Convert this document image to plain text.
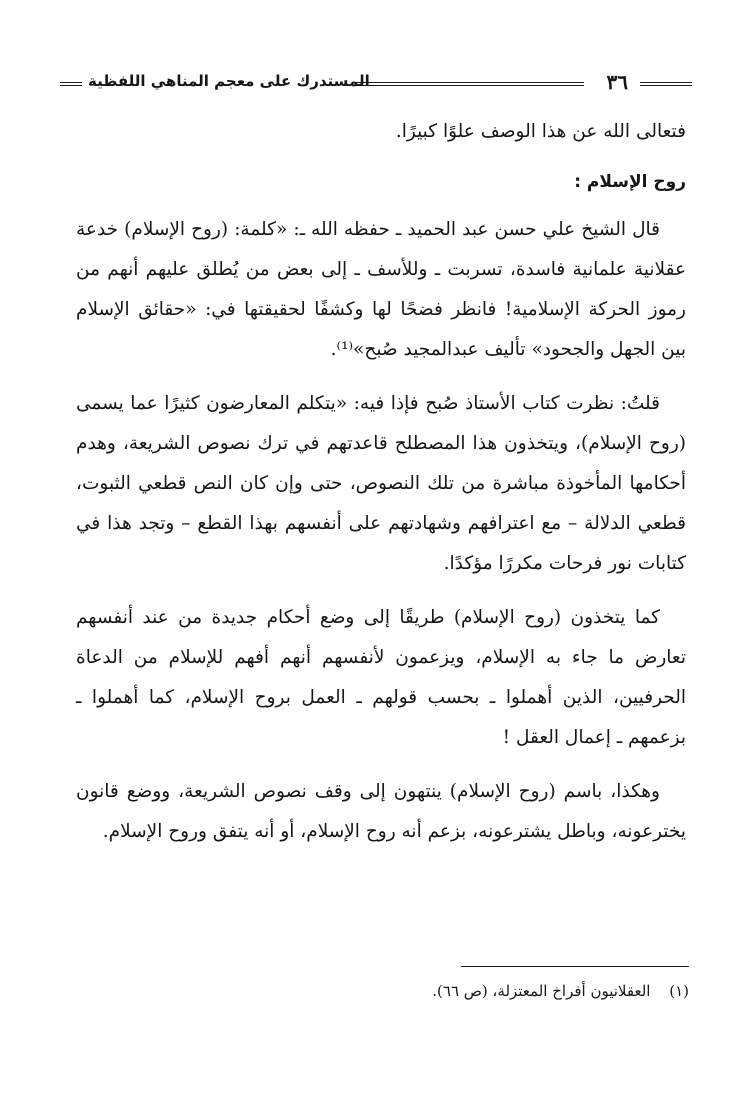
٣٦
المستدرك على معجم المناهي اللفظية

فتعالى الله عن هذا الوصف علوًا كبيرًا.

روح الإسلام :

قال الشيخ علي حسن عبد الحميد ـ حفظه الله ـ: «كلمة: (روح الإسلام) خدعة عقلانية علمانية فاسدة، تسربت ـ وللأسف ـ إلى بعض من يُطلق عليهم أنهم من رموز الحركة الإسلامية! فانظر فضحًا لها وكشفًا لحقيقتها في: «حقائق الإسلام بين الجهل والجحود» تأليف عبدالمجيد صُبح»⁽¹⁾.

قلتُ: نظرت كتاب الأستاذ صُبح فإذا فيه: «يتكلم المعارضون كثيرًا عما يسمى (روح الإسلام)، ويتخذون هذا المصطلح قاعدتهم في ترك نصوص الشريعة، وهدم أحكامها المأخوذة مباشرة من تلك النصوص، حتى وإن كان النص قطعي الثبوت، قطعي الدلالة – مع اعترافهم وشهادتهم على أنفسهم بهذا القطع – وتجد هذا في كتابات نور فرحات مكررًا مؤكدًا.

كما يتخذون (روح الإسلام) طريقًا إلى وضع أحكام جديدة من عند أنفسهم تعارض ما جاء به الإسلام، ويزعمون لأنفسهم أنهم أفهم للإسلام من الدعاة الحرفيين، الذين أهملوا ـ بحسب قولهم ـ العمل بروح الإسلام، كما أهملوا ـ بزعمهم ـ إعمال العقل !

وهكذا، باسم (روح الإسلام) ينتهون إلى وقف نصوص الشريعة، ووضع قانون يخترعونه، وباطل يشترعونه، بزعم أنه روح الإسلام، أو أنه يتفق وروح الإسلام.

(١) العقلانيون أفراخ المعتزلة، (ص ٦٦).
